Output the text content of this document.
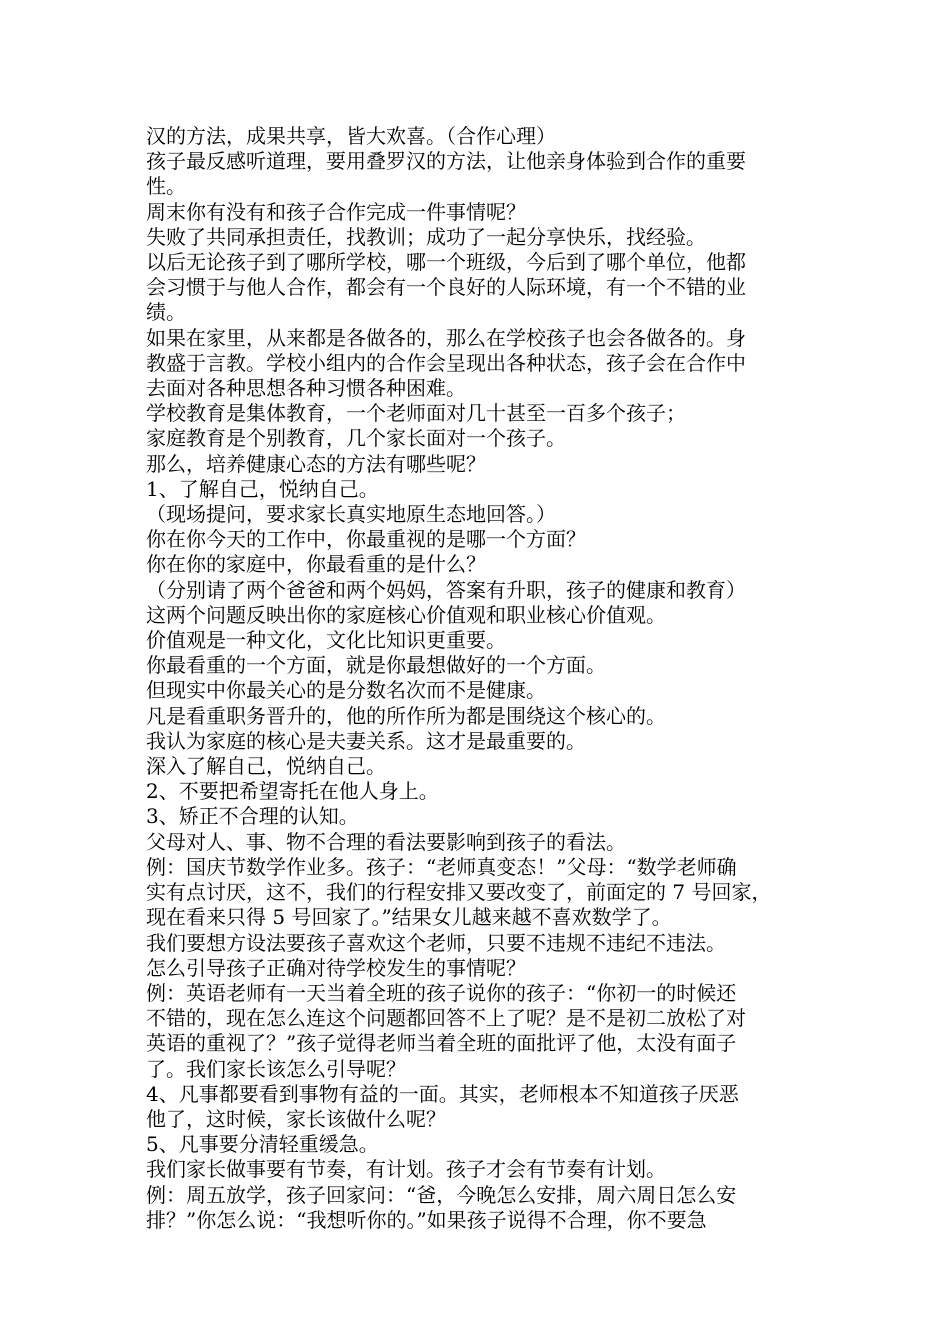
汉的方法，成果共享，皆大欢喜。（合作心理）

孩子最反感听道理，要用叠罗汉的方法，让他亲身体验到合作的重要

性。

周末你有没有和孩子合作完成一件事情呢？

失败了共同承担责任，找教训；成功了一起分享快乐，找经验。

以后无论孩子到了哪所学校，哪一个班级，今后到了哪个单位，他都

会习惯于与他人合作，都会有一个良好的人际环境，有一个不错的业

绩。

如果在家里，从来都是各做各的，那么在学校孩子也会各做各的。身

教盛于言教。学校小组内的合作会呈现出各种状态，孩子会在合作中

去面对各种思想各种习惯各种困难。

学校教育是集体教育，一个老师面对几十甚至一百多个孩子；

家庭教育是个别教育，几个家长面对一个孩子。

那么，培养健康心态的方法有哪些呢？

1、了解自己，悦纳自己。

（现场提问，要求家长真实地原生态地回答。）

你在你今天的工作中，你最重视的是哪一个方面？

你在你的家庭中，你最看重的是什么？

（分别请了两个爸爸和两个妈妈，答案有升职，孩子的健康和教育）

这两个问题反映出你的家庭核心价值观和职业核心价值观。

价值观是一种文化，文化比知识更重要。

你最看重的一个方面，就是你最想做好的一个方面。

但现实中你最关心的是分数名次而不是健康。

凡是看重职务晋升的，他的所作所为都是围绕这个核心的。

我认为家庭的核心是夫妻关系。这才是最重要的。

深入了解自己，悦纳自己。

2、不要把希望寄托在他人身上。

3、矫正不合理的认知。

父母对人、事、物不合理的看法要影响到孩子的看法。

例：国庆节数学作业多。孩子：“老师真变态！”父母：“数学老师确

实有点讨厌，这不，我们的行程安排又要改变了，前面定的 7 号回家，

现在看来只得 5 号回家了。”结果女儿越来越不喜欢数学了。

我们要想方设法要孩子喜欢这个老师，只要不违规不违纪不违法。

怎么引导孩子正确对待学校发生的事情呢？

例：英语老师有一天当着全班的孩子说你的孩子：“你初一的时候还

不错的，现在怎么连这个问题都回答不上了呢？是不是初二放松了对

英语的重视了？”孩子觉得老师当着全班的面批评了他，太没有面子

了。我们家长该怎么引导呢？

4、凡事都要看到事物有益的一面。其实，老师根本不知道孩子厌恶

他了，这时候，家长该做什么呢？

5、凡事要分清轻重缓急。

我们家长做事要有节奏，有计划。孩子才会有节奏有计划。

例：周五放学，孩子回家问：“爸，今晚怎么安排，周六周日怎么安

排？”你怎么说：“我想听你的。”如果孩子说得不合理，你不要急
